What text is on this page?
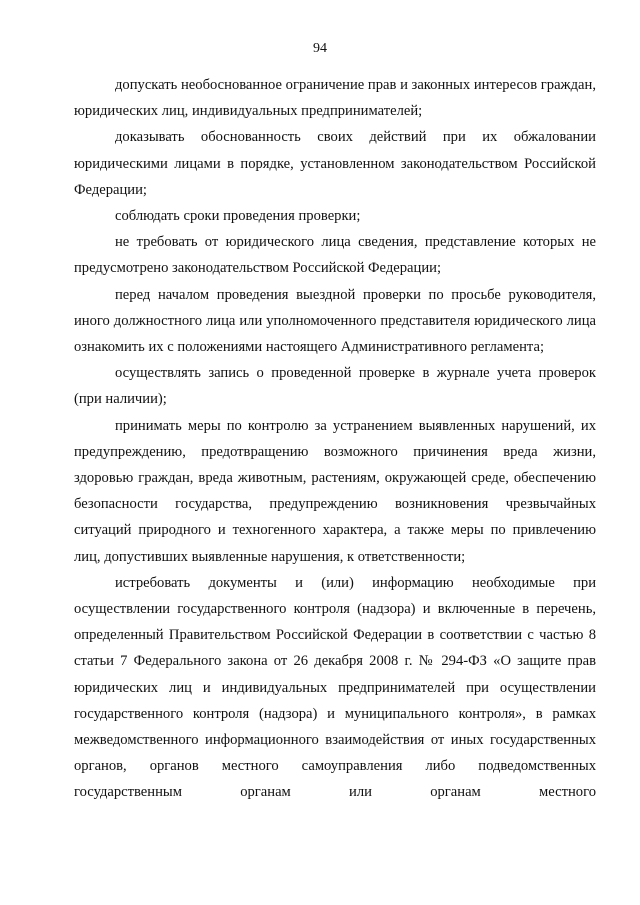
94

допускать необоснованное ограничение прав и законных интересов граждан, юридических лиц, индивидуальных предпринимателей;

доказывать обоснованность своих действий при их обжаловании юридическими лицами в порядке, установленном законодательством Российской Федерации;

соблюдать сроки проведения проверки;

не требовать от юридического лица сведения, представление которых не предусмотрено законодательством Российской Федерации;

перед началом проведения выездной проверки по просьбе руководителя, иного должностного лица или уполномоченного представителя юридического лица ознакомить их с положениями настоящего Административного регламента;

осуществлять запись о проведенной проверке в журнале учета проверок (при наличии);

принимать меры по контролю за устранением выявленных нарушений, их предупреждению, предотвращению возможного причинения вреда жизни, здоровью граждан, вреда животным, растениям, окружающей среде, обеспечению безопасности государства, предупреждению возникновения чрезвычайных ситуаций природного и техногенного характера, а также меры по привлечению лиц, допустивших выявленные нарушения, к ответственности;

истребовать документы и (или) информацию необходимые при осуществлении государственного контроля (надзора) и включенные в перечень, определенный Правительством Российской Федерации в соответствии с частью 8 статьи 7 Федерального закона от 26 декабря 2008 г. № 294-ФЗ «О защите прав юридических лиц и индивидуальных предпринимателей при осуществлении государственного контроля (надзора) и муниципального контроля», в рамках межведомственного информационного взаимодействия от иных государственных органов, органов местного самоуправления либо подведомственных государственным органам или органам местного
